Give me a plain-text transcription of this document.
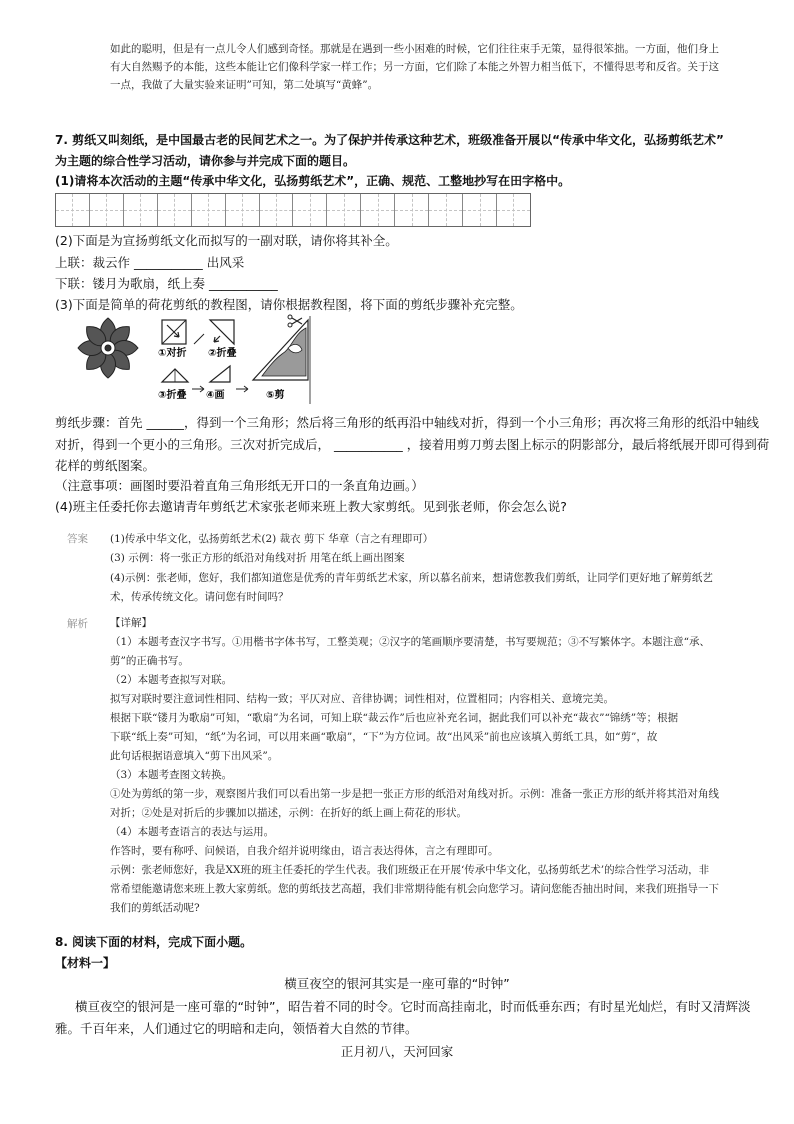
如此的聪明，但是有一点儿令人们感到奇怪。那就是在遇到一些小困难的时候，它们往往束手无策，显得很笨拙。一方面，他们身上
有大自然赐予的本能，这些本能让它们像科学家一样工作；另一方面，它们除了本能之外智力相当低下，不懂得思考和反省。关于这
一点，我做了大量实验来证明”可知，第二处填写“黄蜂”。
7. 剪纸又叫刻纸，是中国最古老的民间艺术之一。为了保护并传承这种艺术，班级准备开展以“传承中华文化，弘扬剪纸艺术”
为主题的综合性学习活动，请你参与并完成下面的题目。
(1)请将本次活动的主题“传承中华文化，弘扬剪纸艺术”，正确、规范、工整地抄写在田字格中。
(2)下面是为宣扬剪纸文化而拟写的一副对联，请你将其补全。
上联：裁云作 ___________ 出风采
下联：镂月为歌扇，纸上奏 ___________
(3)下面是简单的荷花剪纸的教程图，请你根据教程图，将下面的剪纸步骤补充完整。
①对折 ②折叠
③折叠 ④画	⑤剪
剪纸步骤：首先 ______，得到一个三角形；然后将三角形的纸再沿中轴线对折，得到一个小三角形；再次将三角形的纸沿中轴线
对折，得到一个更小的三角形。三次对折完成后， ___________ ，接着用剪刀剪去图上标示的阴影部分，最后将纸展开即可得到荷
花样的剪纸图案。
（注意事项：画图时要沿着直角三角形纸无开口的一条直角边画。）
(4)班主任委托你去邀请青年剪纸艺术家张老师来班上教大家剪纸。见到张老师，你会怎么说?
答案 (1)传承中华文化，弘扬剪纸艺术(2) 裁衣 剪下 华章（言之有理即可）
(3) 示例：将一张正方形的纸沿对角线对折 用笔在纸上画出图案
(4)示例：张老师，您好，我们都知道您是优秀的青年剪纸艺术家，所以慕名前来，想请您教我们剪纸，让同学们更好地了解剪纸艺
术，传承传统文化。请问您有时间吗？
解析 【详解】
（1）本题考查汉字书写。①用楷书字体书写，工整美观；②汉字的笔画顺序要清楚，书写要规范；③不写繁体字。本题注意“承、
剪”的正确书写。
（2）本题考查拟写对联。
拟写对联时要注意词性相同、结构一致；平仄对应、音律协调；词性相对，位置相同；内容相关、意境完美。
根据下联“镂月为歌扇”可知，“歌扇”为名词，可知上联“裁云作”后也应补充名词，据此我们可以补充“裁衣”“锦绣”等；根据
下联“纸上奏”可知，“纸”为名词，可以用来画“歌扇”，“下”为方位词。故“出风采”前也应该填入剪纸工具，如“剪”，故
此句话根据语意填入“剪下出风采”。
（3）本题考查图文转换。
①处为剪纸的第一步，观察图片我们可以看出第一步是把一张正方形的纸沿对角线对折。示例：准备一张正方形的纸并将其沿对角线
对折；②处是对折后的步骤加以描述，示例：在折好的纸上画上荷花的形状。
（4）本题考查语言的表达与运用。
作答时，要有称呼、问候语，自我介绍并说明缘由，语言表达得体，言之有理即可。
示例：张老师您好，我是XX班的班主任委托的学生代表。我们班级正在开展‘传承中华文化，弘扬剪纸艺术’的综合性学习活动，非
常希望能邀请您来班上教大家剪纸。您的剪纸技艺高超，我们非常期待能有机会向您学习。请问您能否抽出时间，来我们班指导一下
我们的剪纸活动呢?
8. 阅读下面的材料，完成下面小题。
【材料一】
横亘夜空的银河其实是一座可靠的“时钟”
横亘夜空的银河是一座可靠的“时钟”，昭告着不同的时令。它时而高挂南北，时而低垂东西；有时星光灿烂，有时又清辉淡
雅。千百年来，人们通过它的明暗和走向，领悟着大自然的节律。
正月初八，天河回家
